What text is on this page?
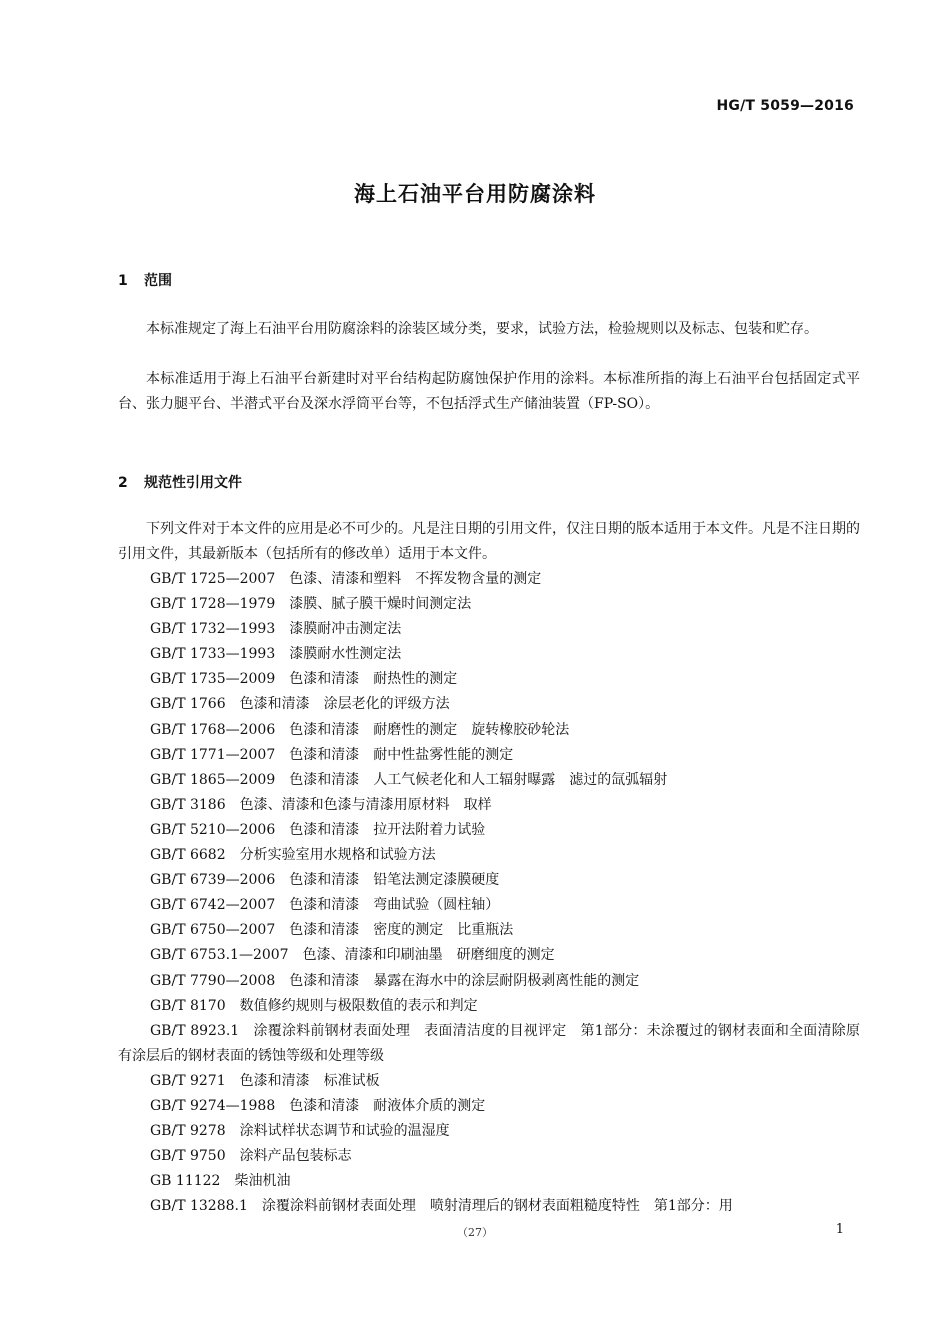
HG/T 5059—2016
海上石油平台用防腐涂料
1 范围

本标准规定了海上石油平台用防腐涂料的涂装区域分类，要求，试验方法，检验规则以及标志、包装和贮存。

本标准适用于海上石油平台新建时对平台结构起防腐蚀保护作用的涂料。本标准所指的海上石油平台包括固定式平台、张力腿平台、半潜式平台及深水浮筒平台等，不包括浮式生产储油装置（FP-SO）。

2 规范性引用文件

下列文件对于本文件的应用是必不可少的。凡是注日期的引用文件，仅注日期的版本适用于本文件。凡是不注日期的引用文件，其最新版本（包括所有的修改单）适用于本文件。

GB/T 1725—2007 色漆、清漆和塑料 不挥发物含量的测定
GB/T 1728—1979 漆膜、腻子膜干燥时间测定法
GB/T 1732—1993 漆膜耐冲击测定法
GB/T 1733—1993 漆膜耐水性测定法
GB/T 1735—2009 色漆和清漆 耐热性的测定
GB/T 1766 色漆和清漆 涂层老化的评级方法
GB/T 1768—2006 色漆和清漆 耐磨性的测定 旋转橡胶砂轮法
GB/T 1771—2007 色漆和清漆 耐中性盐雾性能的测定
GB/T 1865—2009 色漆和清漆 人工气候老化和人工辐射曝露 滤过的氙弧辐射
GB/T 3186 色漆、清漆和色漆与清漆用原材料 取样
GB/T 5210—2006 色漆和清漆 拉开法附着力试验
GB/T 6682 分析实验室用水规格和试验方法
GB/T 6739—2006 色漆和清漆 铅笔法测定漆膜硬度
GB/T 6742—2007 色漆和清漆 弯曲试验（圆柱轴）
GB/T 6750—2007 色漆和清漆 密度的测定 比重瓶法
GB/T 6753.1—2007 色漆、清漆和印刷油墨 研磨细度的测定
GB/T 7790—2008 色漆和清漆 暴露在海水中的涂层耐阴极剥离性能的测定
GB/T 8170 数值修约规则与极限数值的表示和判定
GB/T 8923.1 涂覆涂料前钢材表面处理 表面清洁度的目视评定 第1部分：未涂覆过的钢材表面和全面清除原有涂层后的钢材表面的锈蚀等级和处理等级
GB/T 9271 色漆和清漆 标准试板
GB/T 9274—1988 色漆和清漆 耐液体介质的测定
GB/T 9278 涂料试样状态调节和试验的温湿度
GB/T 9750 涂料产品包装标志
GB 11122 柴油机油
GB/T 13288.1 涂覆涂料前钢材表面处理 喷射清理后的钢材表面粗糙度特性 第1部分：用
（27）	1
